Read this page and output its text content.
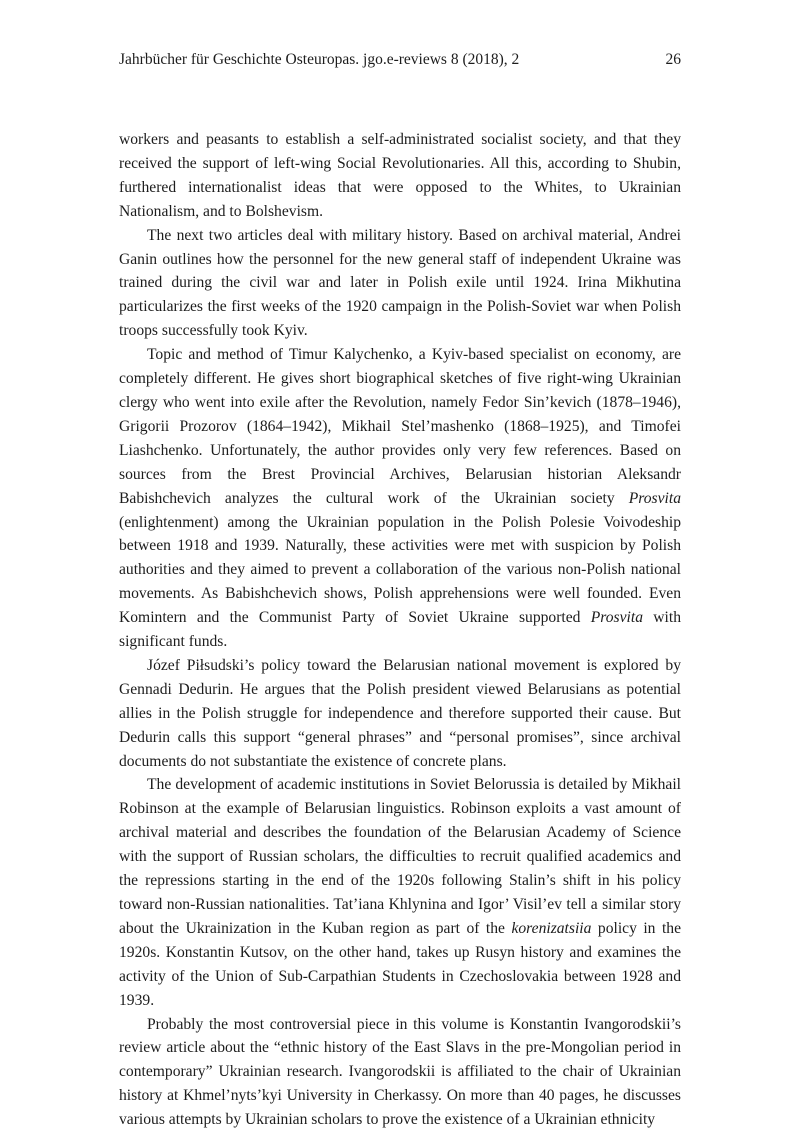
Jahrbücher für Geschichte Osteuropas. jgo.e-reviews 8 (2018), 2	26

workers and peasants to establish a self-administrated socialist society, and that they received the support of left-wing Social Revolutionaries. All this, according to Shubin, furthered internationalist ideas that were opposed to the Whites, to Ukrainian Nationalism, and to Bolshevism.

The next two articles deal with military history. Based on archival material, Andrei Ganin outlines how the personnel for the new general staff of independent Ukraine was trained during the civil war and later in Polish exile until 1924. Irina Mikhutina particularizes the first weeks of the 1920 campaign in the Polish-Soviet war when Polish troops successfully took Kyiv.

Topic and method of Timur Kalychenko, a Kyiv-based specialist on economy, are completely different. He gives short biographical sketches of five right-wing Ukrainian clergy who went into exile after the Revolution, namely Fedor Sin’kevich (1878–1946), Grigorii Prozorov (1864–1942), Mikhail Stel’mashenko (1868–1925), and Timofei Liashchenko. Unfortunately, the author provides only very few references. Based on sources from the Brest Provincial Archives, Belarusian historian Aleksandr Babishchevich analyzes the cultural work of the Ukrainian society Prosvita (enlightenment) among the Ukrainian population in the Polish Polesie Voivodeship between 1918 and 1939. Naturally, these activities were met with suspicion by Polish authorities and they aimed to prevent a collaboration of the various non-Polish national movements. As Babishchevich shows, Polish apprehensions were well founded. Even Komintern and the Communist Party of Soviet Ukraine supported Prosvita with significant funds.

Józef Piłsudski’s policy toward the Belarusian national movement is explored by Gennadi Dedurin. He argues that the Polish president viewed Belarusians as potential allies in the Polish struggle for independence and therefore supported their cause. But Dedurin calls this support “general phrases” and “personal promises”, since archival documents do not substantiate the existence of concrete plans.

The development of academic institutions in Soviet Belorussia is detailed by Mikhail Robinson at the example of Belarusian linguistics. Robinson exploits a vast amount of archival material and describes the foundation of the Belarusian Academy of Science with the support of Russian scholars, the difficulties to recruit qualified academics and the repressions starting in the end of the 1920s following Stalin’s shift in his policy toward non-Russian nationalities. Tat’iana Khlynina and Igor’ Visil’ev tell a similar story about the Ukrainization in the Kuban region as part of the korenizatsiia policy in the 1920s. Konstantin Kutsov, on the other hand, takes up Rusyn history and examines the activity of the Union of Sub-Carpathian Students in Czechoslovakia between 1928 and 1939.

Probably the most controversial piece in this volume is Konstantin Ivangorodskii’s review article about the “ethnic history of the East Slavs in the pre-Mongolian period in contemporary” Ukrainian research. Ivangorodskii is affiliated to the chair of Ukrainian history at Khmel’nyts’kyi University in Cherkassy. On more than 40 pages, he discusses various attempts by Ukrainian scholars to prove the existence of a Ukrainian ethnicity
